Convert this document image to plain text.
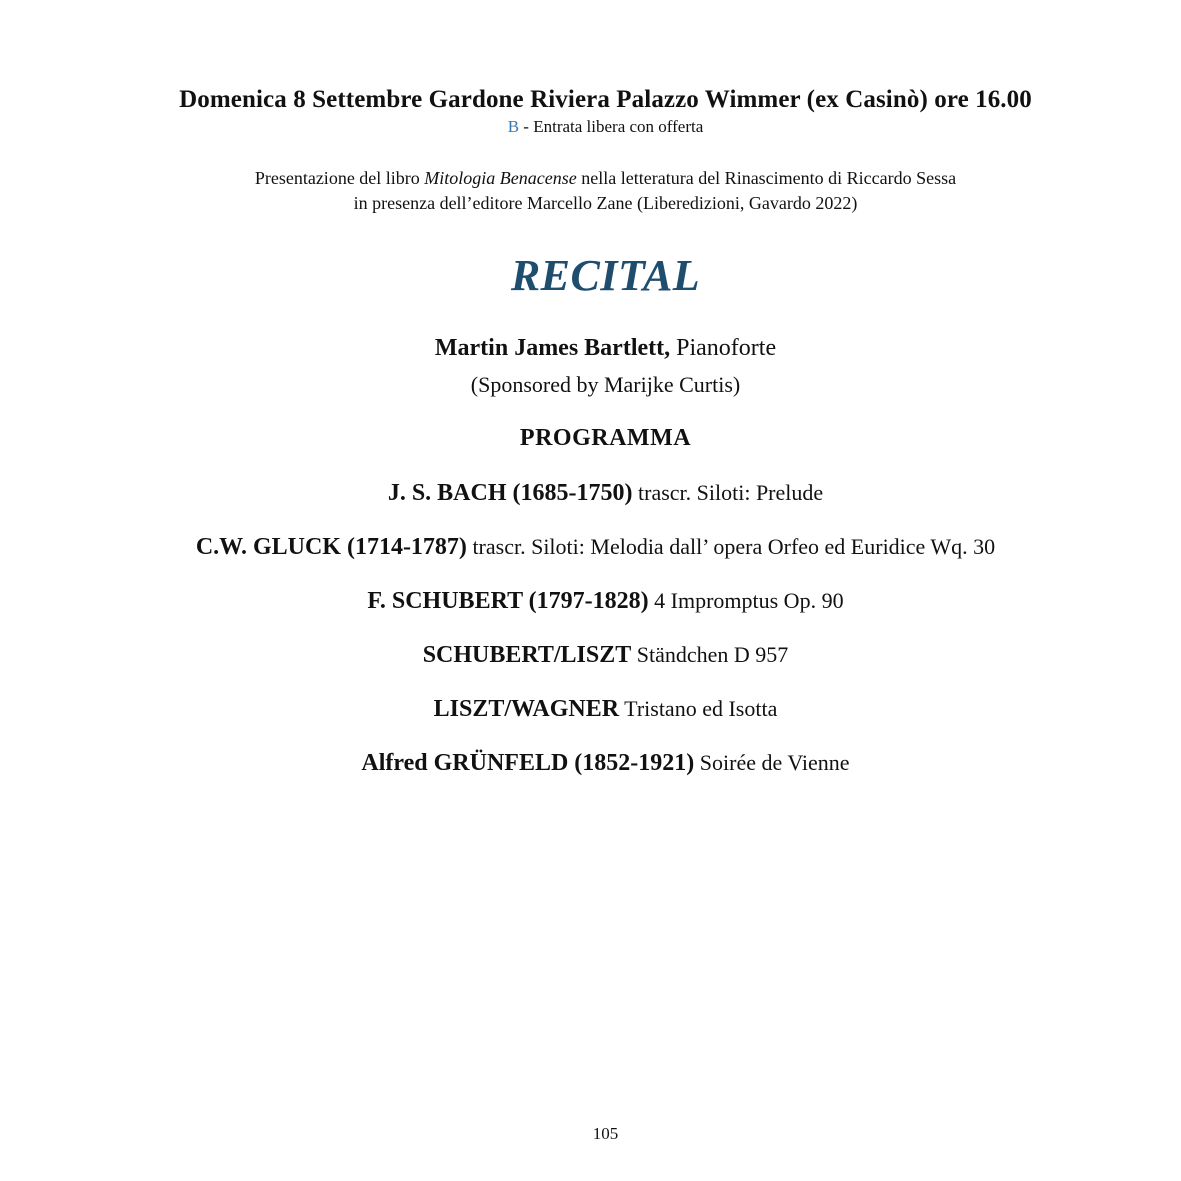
Domenica 8 Settembre Gardone Riviera Palazzo Wimmer (ex Casinò) ore 16.00
B - Entrata libera con offerta
Presentazione del libro Mitologia Benacense nella letteratura del Rinascimento di Riccardo Sessa
in presenza dell’editore Marcello Zane (Liberedizioni, Gavardo 2022)
RECITAL
Martin James Bartlett, Pianoforte
(Sponsored by Marijke Curtis)
PROGRAMMA
J. S. BACH (1685-1750) trascr. Siloti: Prelude
C.W. GLUCK (1714-1787) trascr. Siloti: Melodia dall’ opera Orfeo ed Euridice Wq. 30
F. SCHUBERT (1797-1828) 4 Impromptus Op. 90
SCHUBERT/LISZT Ständchen D 957
LISZT/WAGNER Tristano ed Isotta
Alfred GRÜNFELD (1852-1921) Soirée de Vienne
105
